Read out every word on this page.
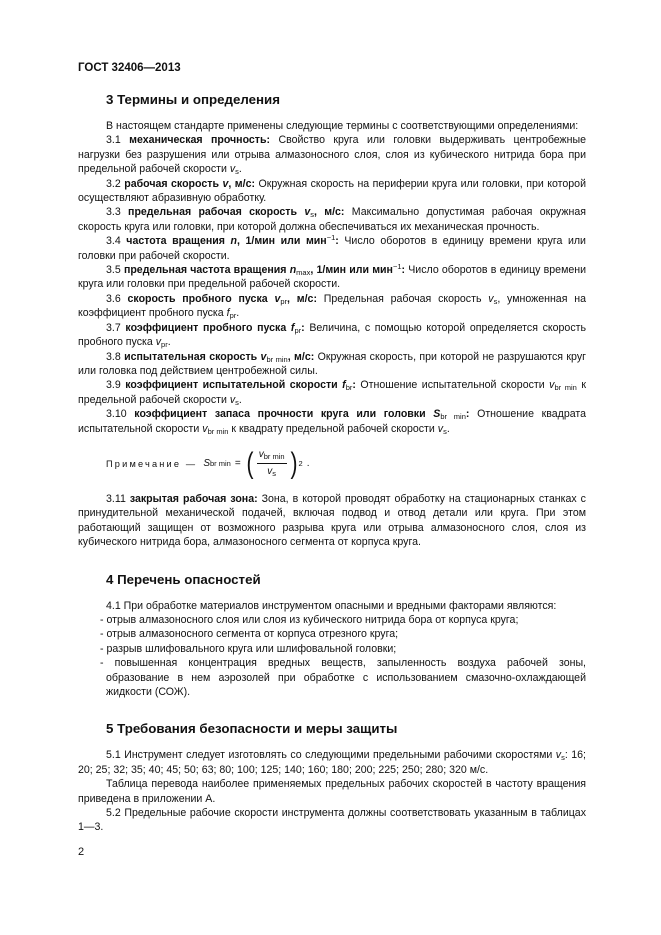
ГОСТ 32406—2013
3 Термины и определения

В настоящем стандарте применены следующие термины с соответствующими определениями:

3.1 механическая прочность: Свойство круга или головки выдерживать центробежные нагрузки без разрушения или отрыва алмазоносного слоя, слоя из кубического нитрида бора при предельной рабочей скорости $v_s$.

3.2 рабочая скорость v, м/с: Окружная скорость на периферии круга или головки, при которой осуществляют абразивную обработку.

3.3 предельная рабочая скорость $v_s$, м/с: Максимально допустимая рабочая окружная скорость круга или головки, при которой должна обеспечиваться их механическая прочность.

3.4 частота вращения n, 1/мин или мин$^{-1}$: Число оборотов в единицу времени круга или головки при рабочей скорости.

3.5 предельная частота вращения $n_{max}$, 1/мин или мин$^{-1}$: Число оборотов в единицу времени круга или головки при предельной рабочей скорости.

3.6 скорость пробного пуска $v_{pr}$, м/с: Предельная рабочая скорость $v_s$, умноженная на коэффициент пробного пуска $f_{pr}$.

3.7 коэффициент пробного пуска $f_{pr}$: Величина, с помощью которой определяется скорость пробного пуска $v_{pr}$.

3.8 испытательная скорость $v_{br min}$, м/с: Окружная скорость, при которой не разрушаются круг или головка под действием центробежной силы.

3.9 коэффициент испытательной скорости $f_{br}$: Отношение испытательной скорости $v_{br min}$ к предельной рабочей скорости $v_s$.

3.10 коэффициент запаса прочности круга или головки $S_{br min}$: Отношение квадрата испытательной скорости $v_{br min}$ к квадрату предельной рабочей скорости $v_s$.

Примечание — S br min = ( $\frac{v_{br min}}{v_s}$ ) 2 .

3.11 закрытая рабочая зона: Зона, в которой проводят обработку на стационарных станках с принудительной механической подачей, включая подвод и отвод детали или круга. При этом работающий защищен от возможного разрыва круга или отрыва алмазоносного слоя, слоя из кубического нитрида бора, алмазоносного сегмента от корпуса круга.

4 Перечень опасностей

4.1 При обработке материалов инструментом опасными и вредными факторами являются:

- отрыв алмазоносного слоя или слоя из кубического нитрида бора от корпуса круга;

- отрыв алмазоносного сегмента от корпуса отрезного круга;

- разрыв шлифовального круга или шлифовальной головки;

- повышенная концентрация вредных веществ, запыленность воздуха рабочей зоны, образование в нем аэрозолей при обработке с использованием смазочно-охлаждающей жидкости (СОЖ).

5 Требования безопасности и меры защиты

5.1 Инструмент следует изготовлять со следующими предельными рабочими скоростями $v_s$: 16; 20; 25; 32; 35; 40; 45; 50; 63; 80; 100; 125; 140; 160; 180; 200; 225; 250; 280; 320 м/с.

Таблица перевода наиболее применяемых предельных рабочих скоростей в частоту вращения приведена в приложении А.

5.2 Предельные рабочие скорости инструмента должны соответствовать указанным в таблицах 1—3.

2
